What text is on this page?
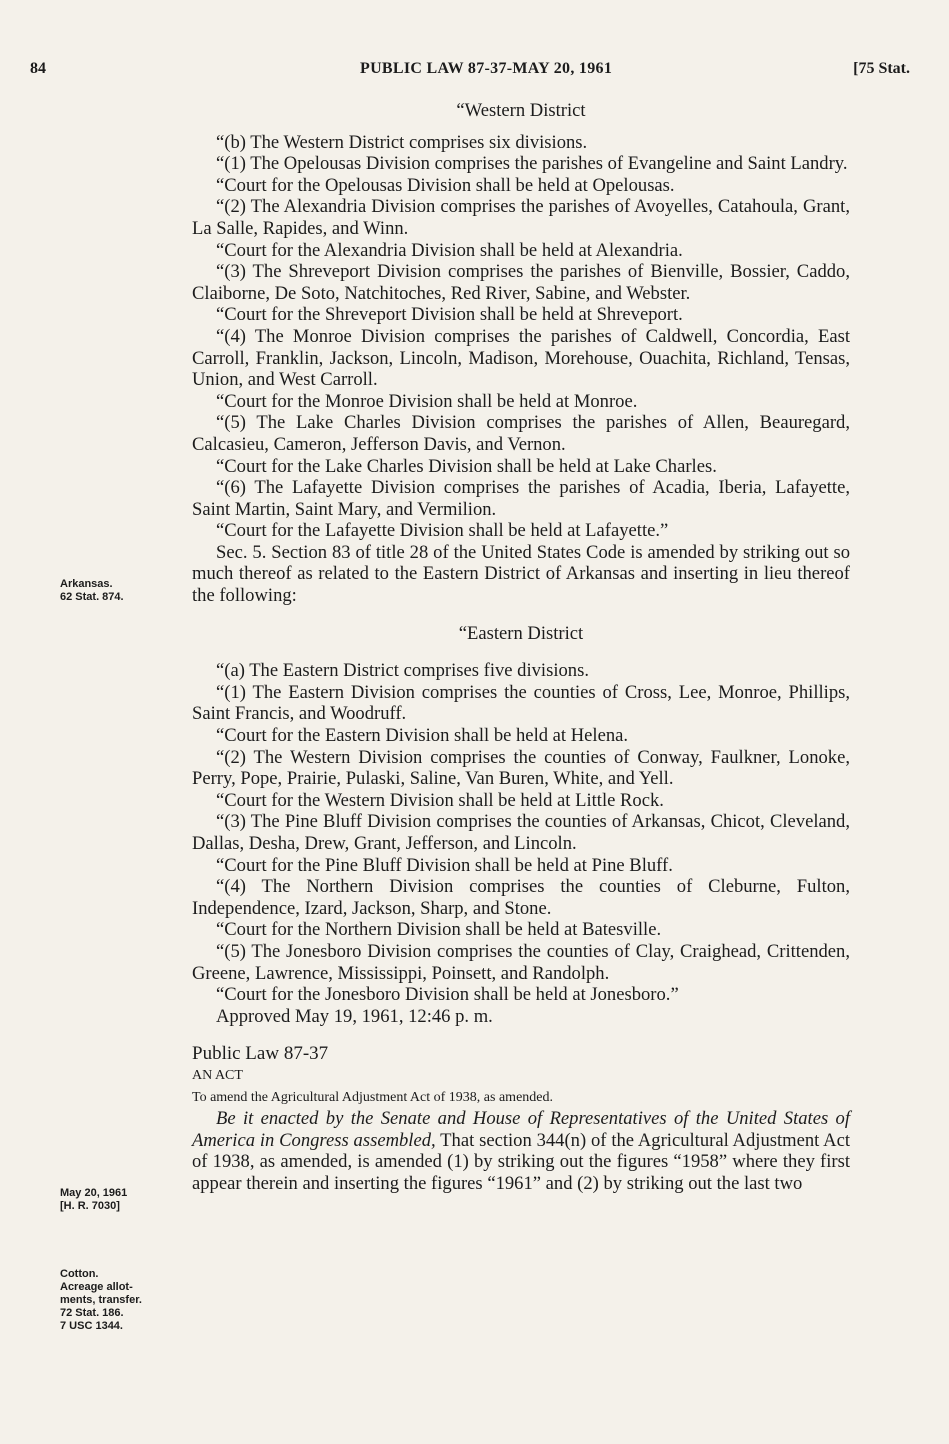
84	PUBLIC LAW 87-37-MAY 20, 1961	[75 Stat.
Arkansas.
62 Stat. 874.
May 20, 1961
[H. R. 7030]
Cotton.
Acreage allot-
ments, transfer.
72 Stat. 186.
7 USC 1344.

“Western District

“(b) The Western District comprises six divisions.

“(1) The Opelousas Division comprises the parishes of Evangeline and Saint Landry.

“Court for the Opelousas Division shall be held at Opelousas.

“(2) The Alexandria Division comprises the parishes of Avoyelles, Catahoula, Grant, La Salle, Rapides, and Winn.

“Court for the Alexandria Division shall be held at Alexandria.

“(3) The Shreveport Division comprises the parishes of Bienville, Bossier, Caddo, Claiborne, De Soto, Natchitoches, Red River, Sabine, and Webster.

“Court for the Shreveport Division shall be held at Shreveport.

“(4) The Monroe Division comprises the parishes of Caldwell, Concordia, East Carroll, Franklin, Jackson, Lincoln, Madison, Morehouse, Ouachita, Richland, Tensas, Union, and West Carroll.

“Court for the Monroe Division shall be held at Monroe.

“(5) The Lake Charles Division comprises the parishes of Allen, Beauregard, Calcasieu, Cameron, Jefferson Davis, and Vernon.

“Court for the Lake Charles Division shall be held at Lake Charles.

“(6) The Lafayette Division comprises the parishes of Acadia, Iberia, Lafayette, Saint Martin, Saint Mary, and Vermilion.

“Court for the Lafayette Division shall be held at Lafayette.”

Sec. 5. Section 83 of title 28 of the United States Code is amended by striking out so much thereof as related to the Eastern District of Arkansas and inserting in lieu thereof the following:

“Eastern District

“(a) The Eastern District comprises five divisions.

“(1) The Eastern Division comprises the counties of Cross, Lee, Monroe, Phillips, Saint Francis, and Woodruff.

“Court for the Eastern Division shall be held at Helena.

“(2) The Western Division comprises the counties of Conway, Faulkner, Lonoke, Perry, Pope, Prairie, Pulaski, Saline, Van Buren, White, and Yell.

“Court for the Western Division shall be held at Little Rock.

“(3) The Pine Bluff Division comprises the counties of Arkansas, Chicot, Cleveland, Dallas, Desha, Drew, Grant, Jefferson, and Lincoln.

“Court for the Pine Bluff Division shall be held at Pine Bluff.

“(4) The Northern Division comprises the counties of Cleburne, Fulton, Independence, Izard, Jackson, Sharp, and Stone.

“Court for the Northern Division shall be held at Batesville.

“(5) The Jonesboro Division comprises the counties of Clay, Craighead, Crittenden, Greene, Lawrence, Mississippi, Poinsett, and Randolph.

“Court for the Jonesboro Division shall be held at Jonesboro.”

Approved May 19, 1961, 12:46 p. m.

Public Law 87-37

AN ACT

To amend the Agricultural Adjustment Act of 1938, as amended.

Be it enacted by the Senate and House of Representatives of the United States of America in Congress assembled, That section 344(n) of the Agricultural Adjustment Act of 1938, as amended, is amended (1) by striking out the figures “1958” where they first appear therein and inserting the figures “1961” and (2) by striking out the last two
